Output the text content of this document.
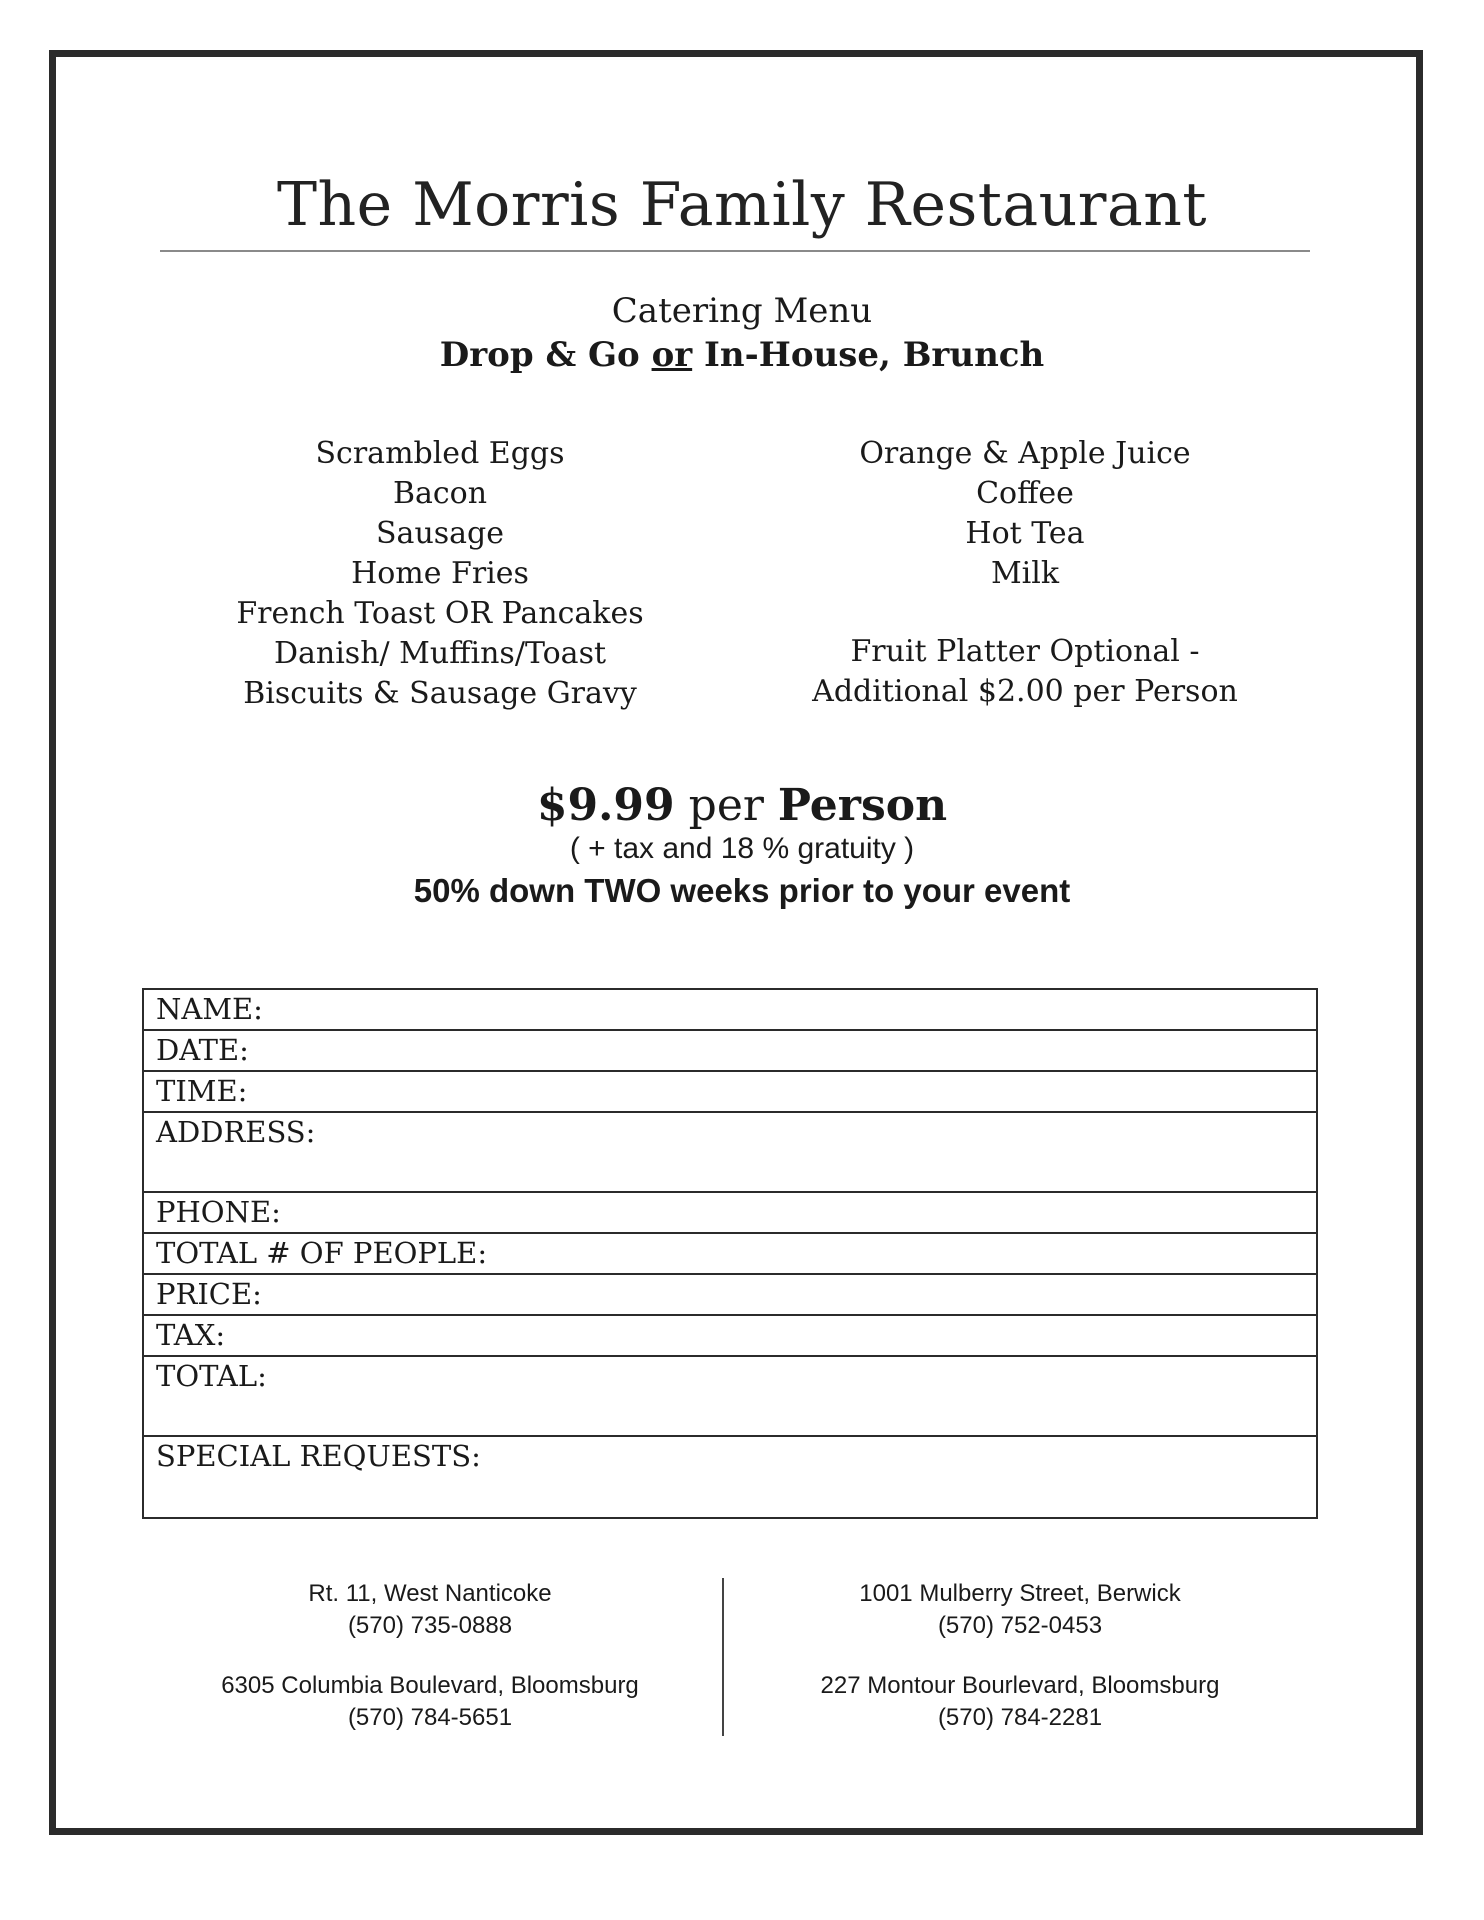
The Morris Family Restaurant
Catering Menu
Drop & Go or In-House, Brunch
Scrambled Eggs
Bacon
Sausage
Home Fries
French Toast OR Pancakes
Danish/ Muffins/Toast
Biscuits & Sausage Gravy
Orange & Apple Juice
Coffee
Hot Tea
Milk
Fruit Platter Optional -
Additional $2.00 per Person
$9.99 per Person
( + tax and 18 % gratuity )
50% down TWO weeks prior to your event
NAME:
DATE:
TIME:
ADDRESS:
PHONE:
TOTAL # OF PEOPLE:
PRICE:
TAX:
TOTAL:
SPECIAL REQUESTS:
Rt. 11, West Nanticoke
(570) 735-0888
6305 Columbia Boulevard, Bloomsburg
(570) 784-5651
1001 Mulberry Street, Berwick
(570) 752-0453
227 Montour Bourlevard, Bloomsburg
(570) 784-2281
